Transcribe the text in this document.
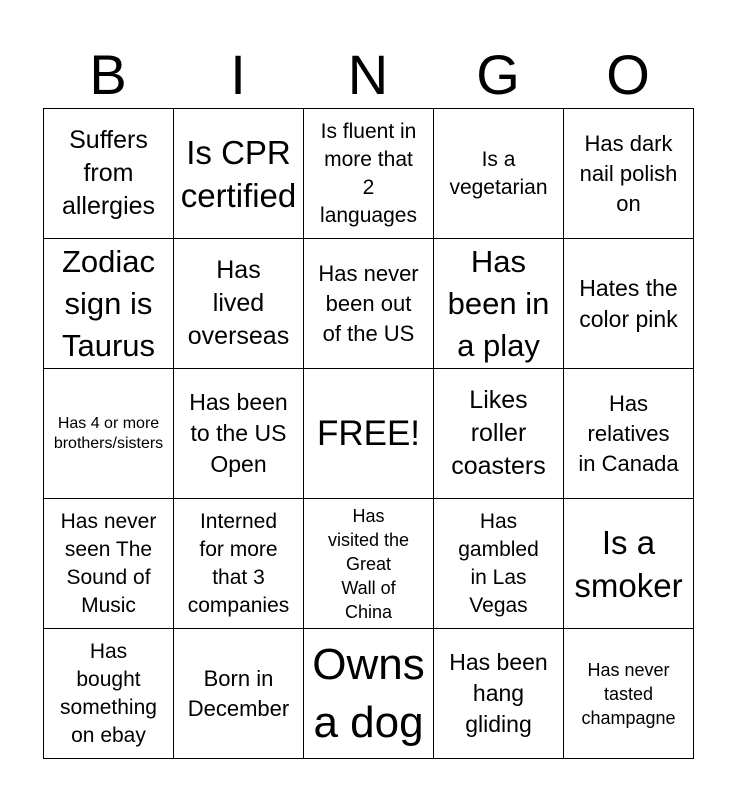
B	I	N	G	O
Suffers
from
allergies
Is CPR
certified
Is fluent in
more that
2
languages
Is a
vegetarian
Has dark
nail polish
on
Zodiac
sign is
Taurus
Has
lived
overseas
Has never
been out
of the US
Has
been in
a play
Hates the
color pink
Has 4 or more
brothers/sisters
Has been
to the US
Open
FREE!
Likes
roller
coasters
Has
relatives
in Canada
Has never
seen The
Sound of
Music
Interned
for more
that 3
companies
Has
visited the
Great
Wall of
China
Has
gambled
in Las
Vegas
Is a
smoker
Has
bought
something
on ebay
Born in
December
Owns
a dog
Has been
hang
gliding
Has never
tasted
champagne
